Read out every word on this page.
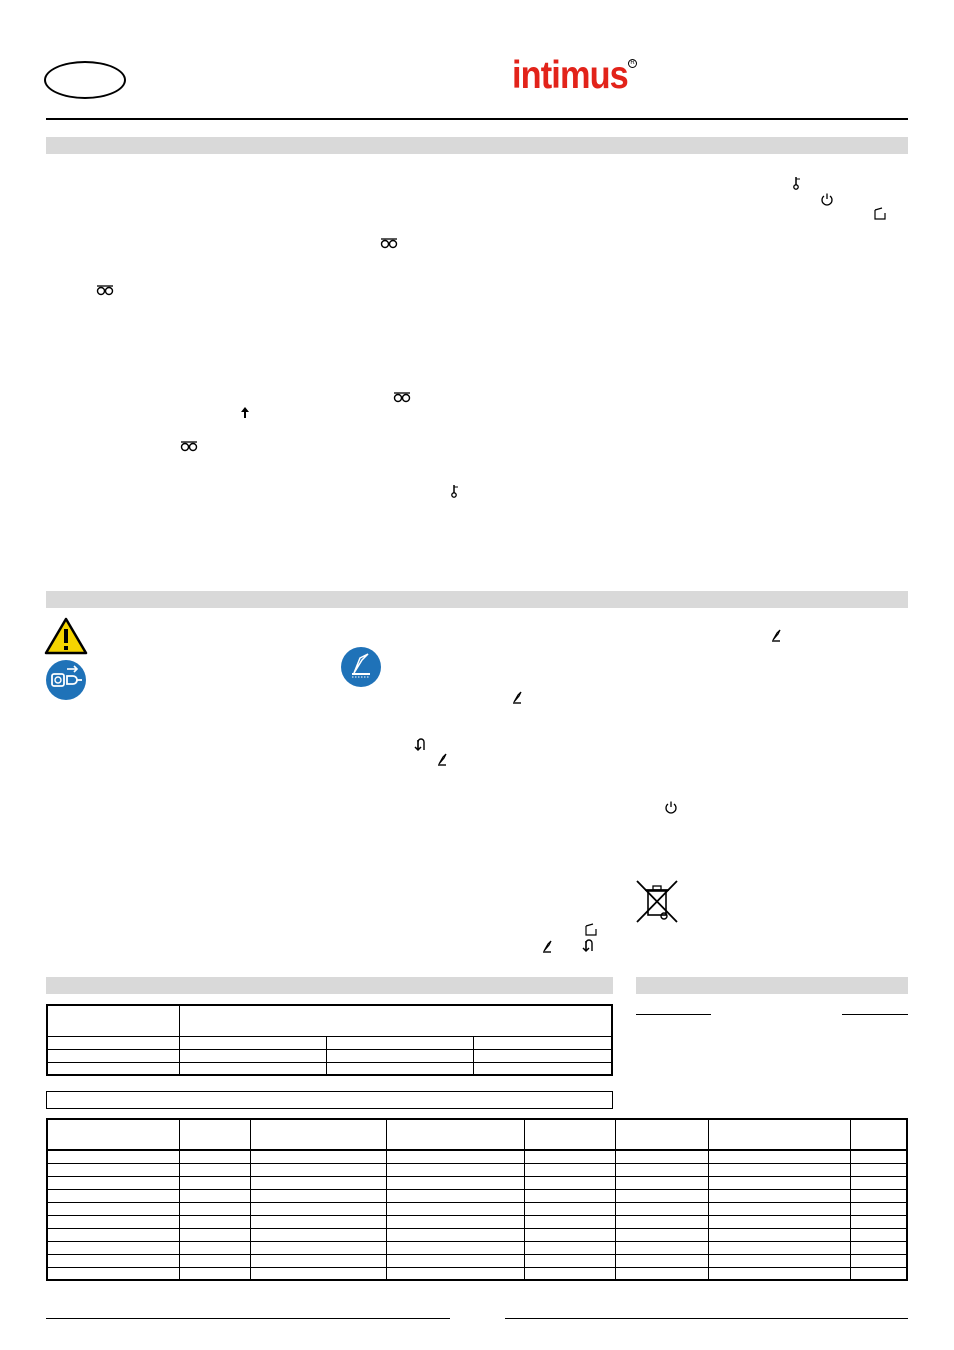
intimus R
